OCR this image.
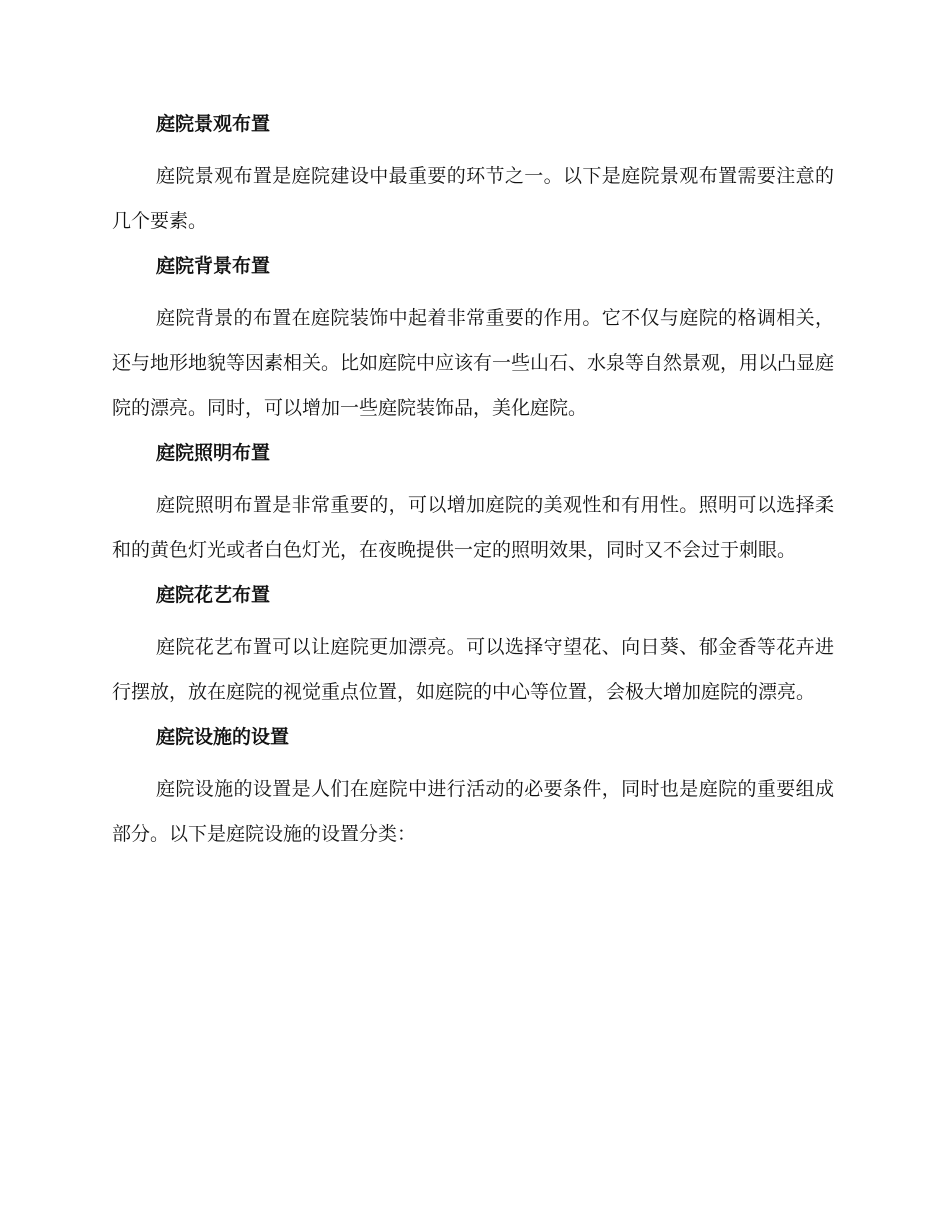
庭院景观布置

庭院景观布置是庭院建设中最重要的环节之一。以下是庭院景观布置需要注意的几个要素。

庭院背景布置

庭院背景的布置在庭院装饰中起着非常重要的作用。它不仅与庭院的格调相关，还与地形地貌等因素相关。比如庭院中应该有一些山石、水泉等自然景观，用以凸显庭院的漂亮。同时，可以增加一些庭院装饰品，美化庭院。

庭院照明布置

庭院照明布置是非常重要的，可以增加庭院的美观性和有用性。照明可以选择柔和的黄色灯光或者白色灯光，在夜晚提供一定的照明效果，同时又不会过于刺眼。

庭院花艺布置

庭院花艺布置可以让庭院更加漂亮。可以选择守望花、向日葵、郁金香等花卉进行摆放，放在庭院的视觉重点位置，如庭院的中心等位置，会极大增加庭院的漂亮。

庭院设施的设置

庭院设施的设置是人们在庭院中进行活动的必要条件，同时也是庭院的重要组成部分。以下是庭院设施的设置分类：
